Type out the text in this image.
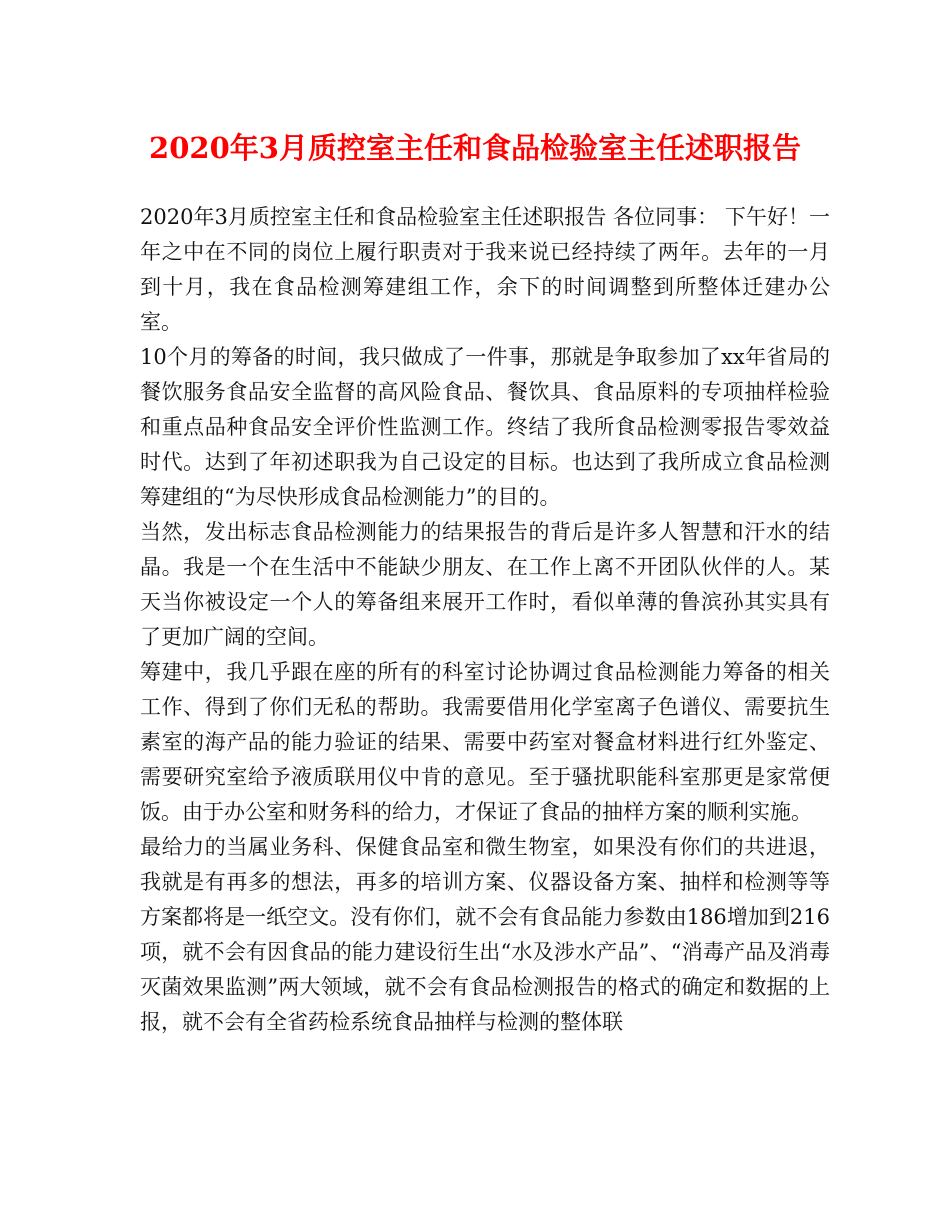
2020年3月质控室主任和食品检验室主任述职报告

2020年3月质控室主任和食品检验室主任述职报告 各位同事： 下午好！一年之中在不同的岗位上履行职责对于我来说已经持续了两年。去年的一月到十月，我在食品检测筹建组工作，余下的时间调整到所整体迁建办公室。

10个月的筹备的时间，我只做成了一件事，那就是争取参加了xx年省局的餐饮服务食品安全监督的高风险食品、餐饮具、食品原料的专项抽样检验和重点品种食品安全评价性监测工作。终结了我所食品检测零报告零效益时代。达到了年初述职我为自己设定的目标。也达到了我所成立食品检测筹建组的“为尽快形成食品检测能力”的目的。

当然，发出标志食品检测能力的结果报告的背后是许多人智慧和汗水的结晶。我是一个在生活中不能缺少朋友、在工作上离不开团队伙伴的人。某天当你被设定一个人的筹备组来展开工作时，看似单薄的鲁滨孙其实具有了更加广阔的空间。

筹建中，我几乎跟在座的所有的科室讨论协调过食品检测能力筹备的相关工作、得到了你们无私的帮助。我需要借用化学室离子色谱仪、需要抗生素室的海产品的能力验证的结果、需要中药室对餐盒材料进行红外鉴定、需要研究室给予液质联用仪中肯的意见。至于骚扰职能科室那更是家常便饭。由于办公室和财务科的给力，才保证了食品的抽样方案的顺利实施。

最给力的当属业务科、保健食品室和微生物室，如果没有你们的共进退，我就是有再多的想法，再多的培训方案、仪器设备方案、抽样和检测等等方案都将是一纸空文。没有你们，就不会有食品能力参数由186增加到216项，就不会有因食品的能力建设衍生出“水及涉水产品”、“消毒产品及消毒灭菌效果监测”两大领域，就不会有食品检测报告的格式的确定和数据的上报，就不会有全省药检系统食品抽样与检测的整体联
